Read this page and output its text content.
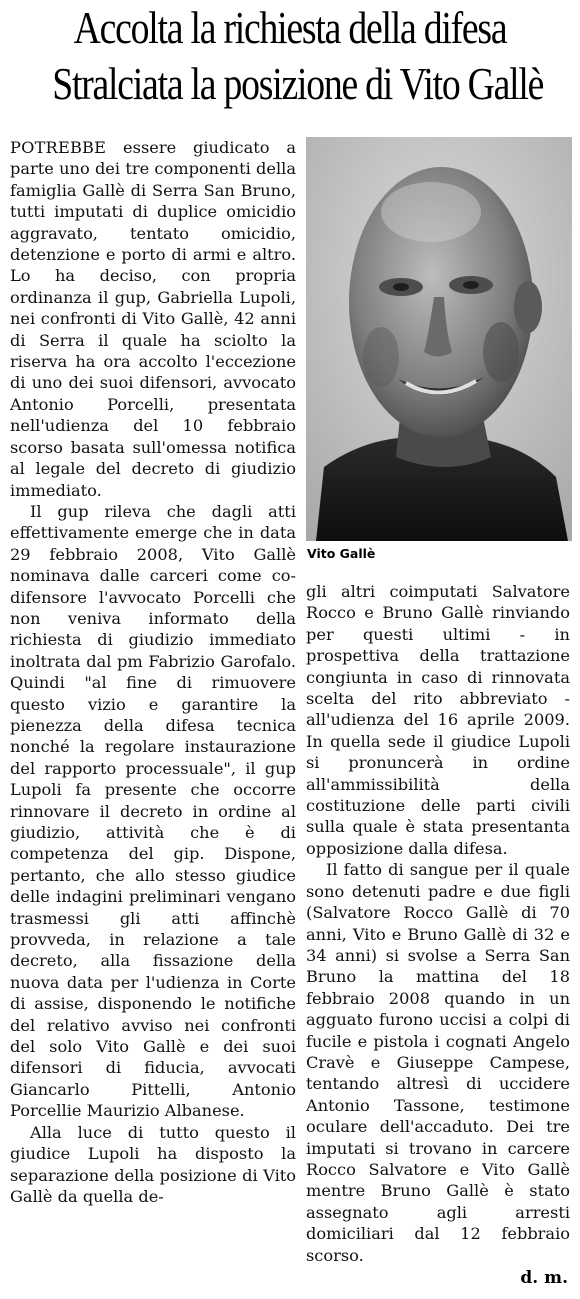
Accolta la richiesta della difesa
Stralciata la posizione di Vito Gallè

POTREBBE essere giudicato a parte uno dei tre componenti della famiglia Gallè di Serra San Bruno, tutti imputati di duplice omicidio aggravato, tentato omicidio, detenzione e porto di armi e altro. Lo ha deciso, con propria ordinanza il gup, Gabriella Lupoli, nei confronti di Vito Gallè, 42 anni di Serra il quale ha sciolto la riserva ha ora accolto l'eccezione di uno dei suoi difensori, avvocato Antonio Porcelli, presentata nell'udienza del 10 febbraio scorso basata sull'omessa notifica al legale del decreto di giudizio immediato.

Il gup rileva che dagli atti effettivamente emerge che in data 29 febbraio 2008, Vito Gallè nominava dalle carceri come co-difensore l'avvocato Porcelli che non veniva informato della richiesta di giudizio immediato inoltrata dal pm Fabrizio Garofalo. Quindi "al fine di rimuovere questo vizio e garantire la pienezza della difesa tecnica nonché la regolare instaurazione del rapporto processuale", il gup Lupoli fa presente che occorre rinnovare il decreto in ordine al giudizio, attività che è di competenza del gip. Dispone, pertanto, che allo stesso giudice delle indagini preliminari vengano trasmessi gli atti affinchè provveda, in relazione a tale decreto, alla fissazione della nuova data per l'udienza in Corte di assise, disponendo le notifiche del relativo avviso nei confronti del solo Vito Gallè e dei suoi difensori di fiducia, avvocati Giancarlo Pittelli, Antonio Porcellie Maurizio Albanese.

Alla luce di tutto questo il giudice Lupoli ha disposto la separazione della posizione di Vito Gallè da quella de-

Vito Gallè

gli altri coimputati Salvatore Rocco e Bruno Gallè rinviando per questi ultimi - in prospettiva della trattazione congiunta in caso di rinnovata scelta del rito abbreviato - all'udienza del 16 aprile 2009. In quella sede il giudice Lupoli si pronuncerà in ordine all'ammissibilità della costituzione delle parti civili sulla quale è stata presentanta opposizione dalla difesa.

Il fatto di sangue per il quale sono detenuti padre e due figli (Salvatore Rocco Gallè di 70 anni, Vito e Bruno Gallè di 32 e 34 anni) si svolse a Serra San Bruno la mattina del 18 febbraio 2008 quando in un agguato furono uccisi a colpi di fucile e pistola i cognati Angelo Cravè e Giuseppe Campese, tentando altresì di uccidere Antonio Tassone, testimone oculare dell'accaduto. Dei tre imputati si trovano in carcere Rocco Salvatore e Vito Gallè mentre Bruno Gallè è stato assegnato agli arresti domiciliari dal 12 febbraio scorso.

d. m.
